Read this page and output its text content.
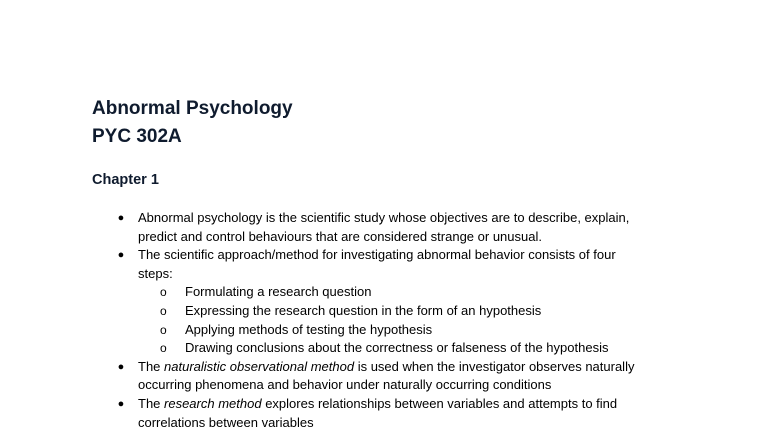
Abnormal Psychology
PYC 302A
Chapter 1
● Abnormal psychology is the scientific study whose objectives are to describe, explain,
predict and control behaviours that are considered strange or unusual.
● The scientific approach/method for investigating abnormal behavior consists of four
steps:
o Formulating a research question
o Expressing the research question in the form of an hypothesis
o Applying methods of testing the hypothesis
o Drawing conclusions about the correctness or falseness of the hypothesis
● The naturalistic observational method is used when the investigator observes naturally
occurring phenomena and behavior under naturally occurring conditions
● The research method explores relationships between variables and attempts to find
correlations between variables
